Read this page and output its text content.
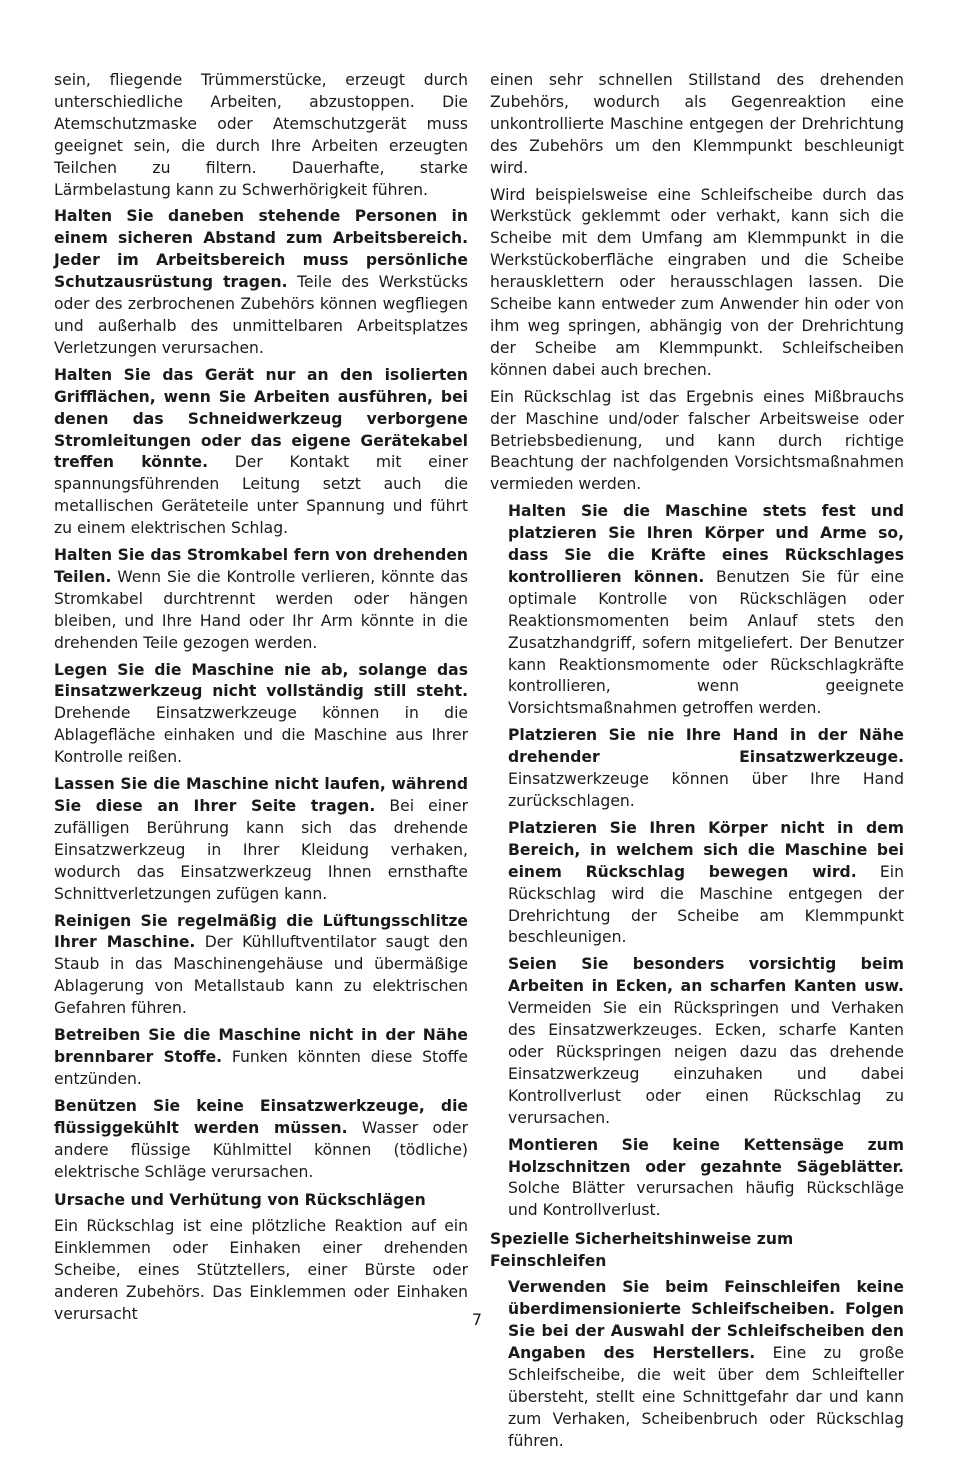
sein, fliegende Trümmerstücke, erzeugt durch unterschiedliche Arbeiten, abzustoppen. Die Atemschutzmaske oder Atemschutzgerät muss geeignet sein, die durch Ihre Arbeiten erzeugten Teilchen zu filtern. Dauerhafte, starke Lärmbelastung kann zu Schwerhörigkeit führen.

Halten Sie daneben stehende Personen in einem sicheren Abstand zum Arbeitsbereich. Jeder im Arbeitsbereich muss persönliche Schutzausrüstung tragen. Teile des Werkstücks oder des zerbrochenen Zubehörs können wegfliegen und außerhalb des unmittelbaren Arbeitsplatzes Verletzungen verursachen.

Halten Sie das Gerät nur an den isolierten Grifflächen, wenn Sie Arbeiten ausführen, bei denen das Schneidwerkzeug verborgene Stromleitungen oder das eigene Gerätekabel treffen könnte. Der Kontakt mit einer spannungsführenden Leitung setzt auch die metallischen Geräteteile unter Spannung und führt zu einem elektrischen Schlag.

Halten Sie das Stromkabel fern von drehenden Teilen. Wenn Sie die Kontrolle verlieren, könnte das Stromkabel durchtrennt werden oder hängen bleiben, und Ihre Hand oder Ihr Arm könnte in die drehenden Teile gezogen werden.

Legen Sie die Maschine nie ab, solange das Einsatzwerkzeug nicht vollständig still steht. Drehende Einsatzwerkzeuge können in die Ablagefläche einhaken und die Maschine aus Ihrer Kontrolle reißen.

Lassen Sie die Maschine nicht laufen, während Sie diese an Ihrer Seite tragen. Bei einer zufälligen Berührung kann sich das drehende Einsatzwerkzeug in Ihrer Kleidung verhaken, wodurch das Einsatzwerkzeug Ihnen ernsthafte Schnittverletzungen zufügen kann.

Reinigen Sie regelmäßig die Lüftungsschlitze Ihrer Maschine. Der Kühlluftventilator saugt den Staub in das Maschinengehäuse und übermäßige Ablagerung von Metallstaub kann zu elektrischen Gefahren führen.

Betreiben Sie die Maschine nicht in der Nähe brennbarer Stoffe. Funken könnten diese Stoffe entzünden.

Benützen Sie keine Einsatzwerkzeuge, die flüssiggekühlt werden müssen. Wasser oder andere flüssige Kühlmittel können (tödliche) elektrische Schläge verursachen.

Ursache und Verhütung von Rückschlägen

Ein Rückschlag ist eine plötzliche Reaktion auf ein Einklemmen oder Einhaken einer drehenden Scheibe, eines Stütztellers, einer Bürste oder anderen Zubehörs. Das Einklemmen oder Einhaken verursacht

einen sehr schnellen Stillstand des drehenden Zubehörs, wodurch als Gegenreaktion eine unkontrollierte Maschine entgegen der Drehrichtung des Zubehörs um den Klemmpunkt beschleunigt wird.

Wird beispielsweise eine Schleifscheibe durch das Werkstück geklemmt oder verhakt, kann sich die Scheibe mit dem Umfang am Klemmpunkt in die Werkstückoberfläche eingraben und die Scheibe herausklettern oder herausschlagen lassen. Die Scheibe kann entweder zum Anwender hin oder von ihm weg springen, abhängig von der Drehrichtung der Scheibe am Klemmpunkt. Schleifscheiben können dabei auch brechen.

Ein Rückschlag ist das Ergebnis eines Mißbrauchs der Maschine und/oder falscher Arbeitsweise oder Betriebsbedienung, und kann durch richtige Beachtung der nachfolgenden Vorsichtsmaßnahmen vermieden werden.

Halten Sie die Maschine stets fest und platzieren Sie Ihren Körper und Arme so, dass Sie die Kräfte eines Rückschlages kontrollieren können. Benutzen Sie für eine optimale Kontrolle von Rückschlägen oder Reaktionsmomenten beim Anlauf stets den Zusatzhandgriff, sofern mitgeliefert. Der Benutzer kann Reaktionsmomente oder Rückschlagkräfte kontrollieren, wenn geeignete Vorsichtsmaßnahmen getroffen werden.

Platzieren Sie nie Ihre Hand in der Nähe drehender Einsatzwerkzeuge. Einsatzwerkzeuge können über Ihre Hand zurückschlagen.

Platzieren Sie Ihren Körper nicht in dem Bereich, in welchem sich die Maschine bei einem Rückschlag bewegen wird. Ein Rückschlag wird die Maschine entgegen der Drehrichtung der Scheibe am Klemmpunkt beschleunigen.

Seien Sie besonders vorsichtig beim Arbeiten in Ecken, an scharfen Kanten usw. Vermeiden Sie ein Rückspringen und Verhaken des Einsatzwerkzeuges. Ecken, scharfe Kanten oder Rückspringen neigen dazu das drehende Einsatzwerkzeug einzuhaken und dabei Kontrollverlust oder einen Rückschlag zu verursachen.

Montieren Sie keine Kettensäge zum Holzschnitzen oder gezahnte Sägeblätter. Solche Blätter verursachen häufig Rückschläge und Kontrollverlust.

Spezielle Sicherheitshinweise zum Feinschleifen

Verwenden Sie beim Feinschleifen keine überdimensionierte Schleifscheiben. Folgen Sie bei der Auswahl der Schleifscheiben den Angaben des Herstellers. Eine zu große Schleifscheibe, die weit über dem Schleifteller übersteht, stellt eine Schnittgefahr dar und kann zum Verhaken, Scheibenbruch oder Rückschlag führen.

7
